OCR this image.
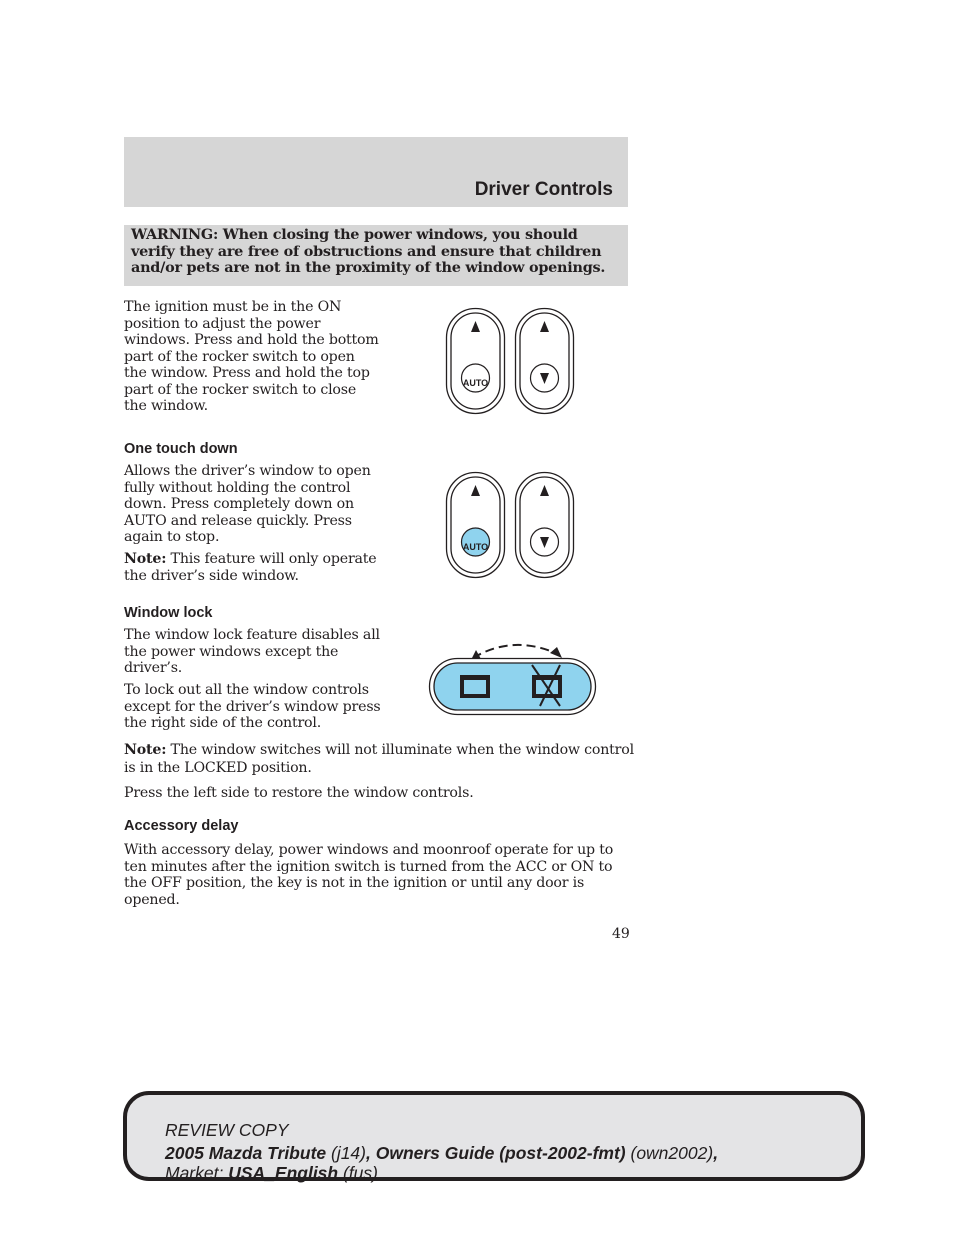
Driver Controls
WARNING: When closing the power windows, you should verify they are free of obstructions and ensure that children and/or pets are not in the proximity of the window openings.
The ignition must be in the ON
position to adjust the power
windows. Press and hold the bottom
part of the rocker switch to open
the window. Press and hold the top
part of the rocker switch to close
the window.
AUTO
One touch down
Allows the driver’s window to open
fully without holding the control
down. Press completely down on
AUTO and release quickly. Press
again to stop.
Note: This feature will only operate
the driver’s side window.
AUTO
Window lock
The window lock feature disables all
the power windows except the
driver’s.
To lock out all the window controls
except for the driver’s window press
the right side of the control.
Note: The window switches will not illuminate when the window control
is in the LOCKED position.
Press the left side to restore the window controls.
Accessory delay
With accessory delay, power windows and moonroof operate for up to
ten minutes after the ignition switch is turned from the ACC or ON to
the OFF position, the key is not in the ignition or until any door is
opened.
49
REVIEW COPY
2005 Mazda Tribute (j14), Owners Guide (post-2002-fmt) (own2002),
Market: USA_English (fus)
